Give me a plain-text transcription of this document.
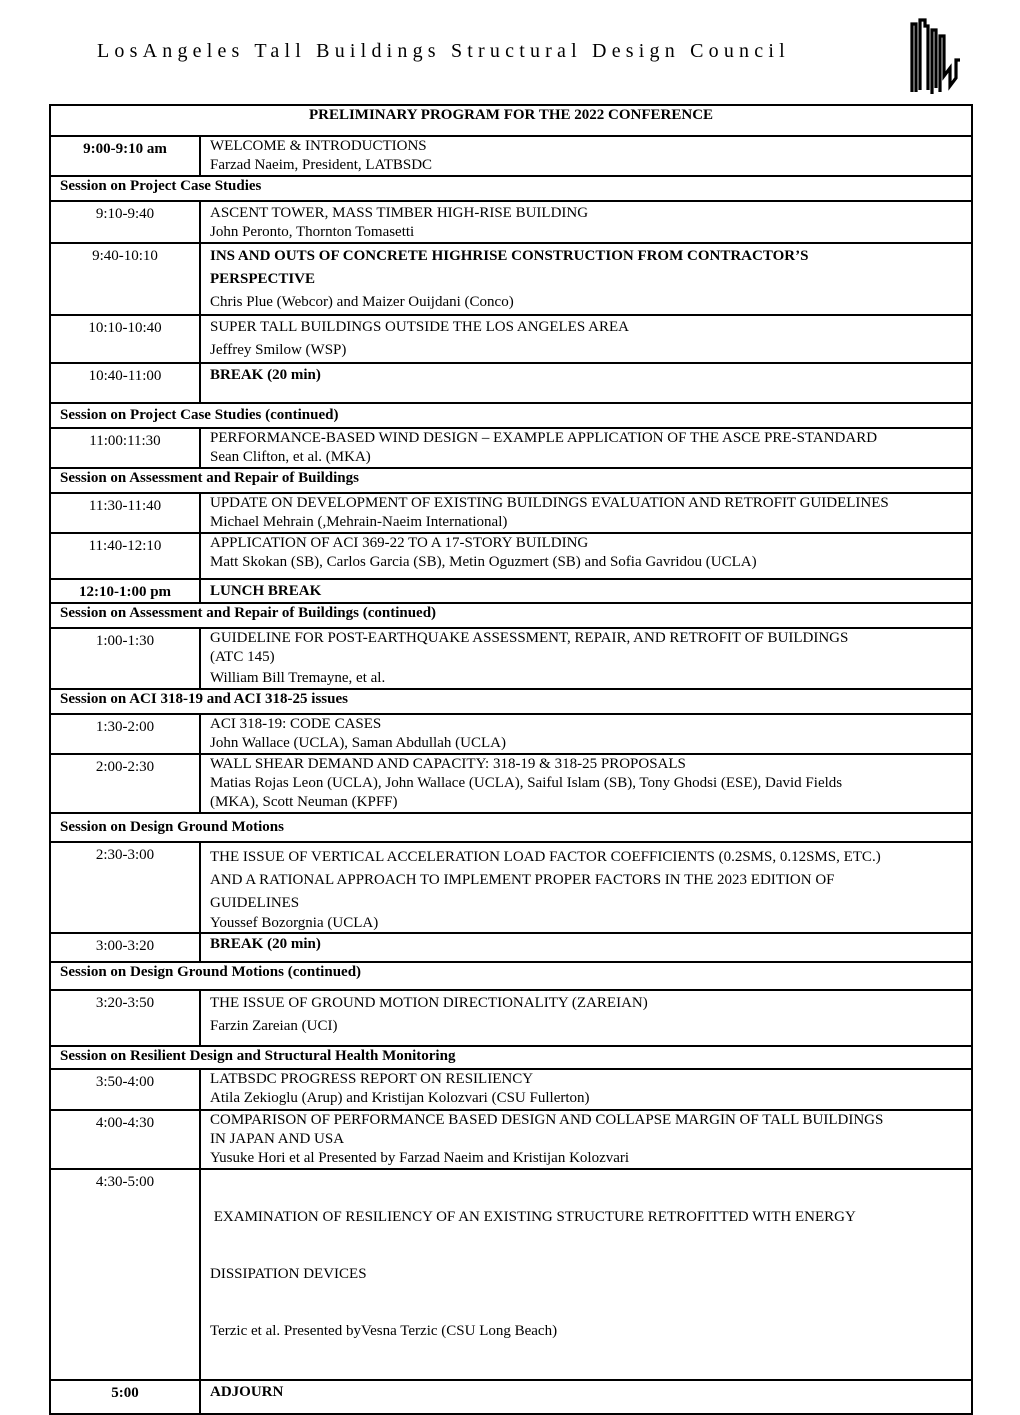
LosAngeles Tall Buildings Structural Design Council
PRELIMINARY PROGRAM FOR THE 2022 CONFERENCE	
9:00-9:10 am	WELCOME & INTRODUCTIONS
Farzad Naeim, President, LATBSDC

Session on Project Case Studies	
9:10-9:40	ASCENT TOWER, MASS TIMBER HIGH-RISE BUILDING
John Peronto, Thornton Tomasetti

9:40-10:10	INS AND OUTS OF CONCRETE HIGHRISE CONSTRUCTION FROM CONTRACTOR’S
PERSPECTIVE
Chris Plue (Webcor) and Maizer Ouijdani (Conco)

10:10-10:40	SUPER TALL BUILDINGS OUTSIDE THE LOS ANGELES AREA
Jeffrey Smilow (WSP)

10:40-11:00	BREAK (20 min)
Session on Project Case Studies (continued)	
11:00:11:30	PERFORMANCE-BASED WIND DESIGN – EXAMPLE APPLICATION OF THE ASCE PRE-STANDARD
Sean Clifton, et al. (MKA)

Session on Assessment and Repair of Buildings	
11:30-11:40	UPDATE ON DEVELOPMENT OF EXISTING BUILDINGS EVALUATION AND RETROFIT GUIDELINES
Michael Mehrain (,Mehrain-Naeim International)

11:40-12:10	APPLICATION OF ACI 369-22 TO A 17-STORY BUILDING
Matt Skokan (SB), Carlos Garcia (SB), Metin Oguzmert (SB) and Sofia Gavridou (UCLA)

12:10-1:00 pm	LUNCH BREAK
Session on Assessment and Repair of Buildings (continued)	
1:00-1:30	GUIDELINE FOR POST-EARTHQUAKE ASSESSMENT, REPAIR, AND RETROFIT OF BUILDINGS
(ATC 145)
William Bill Tremayne, et al.

Session on ACI 318-19 and ACI 318-25 issues	
1:30-2:00	ACI 318-19: CODE CASES
John Wallace (UCLA), Saman Abdullah (UCLA)

2:00-2:30	WALL SHEAR DEMAND AND CAPACITY: 318-19 & 318-25 PROPOSALS
Matias Rojas Leon (UCLA), John Wallace (UCLA), Saiful Islam (SB), Tony Ghodsi (ESE), David Fields
(MKA), Scott Neuman (KPFF)

Session on Design Ground Motions	
2:30-3:00	THE ISSUE OF VERTICAL ACCELERATION LOAD FACTOR COEFFICIENTS (0.2SMS, 0.12SMS, ETC.)
AND A RATIONAL APPROACH TO IMPLEMENT PROPER FACTORS IN THE 2023 EDITION OF
GUIDELINES
Youssef Bozorgnia (UCLA)

3:00-3:20	BREAK (20 min)
Session on Design Ground Motions (continued)	
3:20-3:50	THE ISSUE OF GROUND MOTION DIRECTIONALITY (ZAREIAN)
Farzin Zareian (UCI)

Session on Resilient Design and Structural Health Monitoring	
3:50-4:00	LATBSDC PROGRESS REPORT ON RESILIENCY
Atila Zekioglu (Arup) and Kristijan Kolozvari (CSU Fullerton)

4:00-4:30	COMPARISON OF PERFORMANCE BASED DESIGN AND COLLAPSE MARGIN OF TALL BUILDINGS
IN JAPAN AND USA
Yusuke Hori et al Presented by Farzad Naeim and Kristijan Kolozvari

4:30-5:00	EXAMINATION OF RESILIENCY OF AN EXISTING STRUCTURE RETROFITTED WITH ENERGY

DISSIPATION DEVICES

Terzic et al. Presented byVesna Terzic (CSU Long Beach)

5:00	ADJOURN
